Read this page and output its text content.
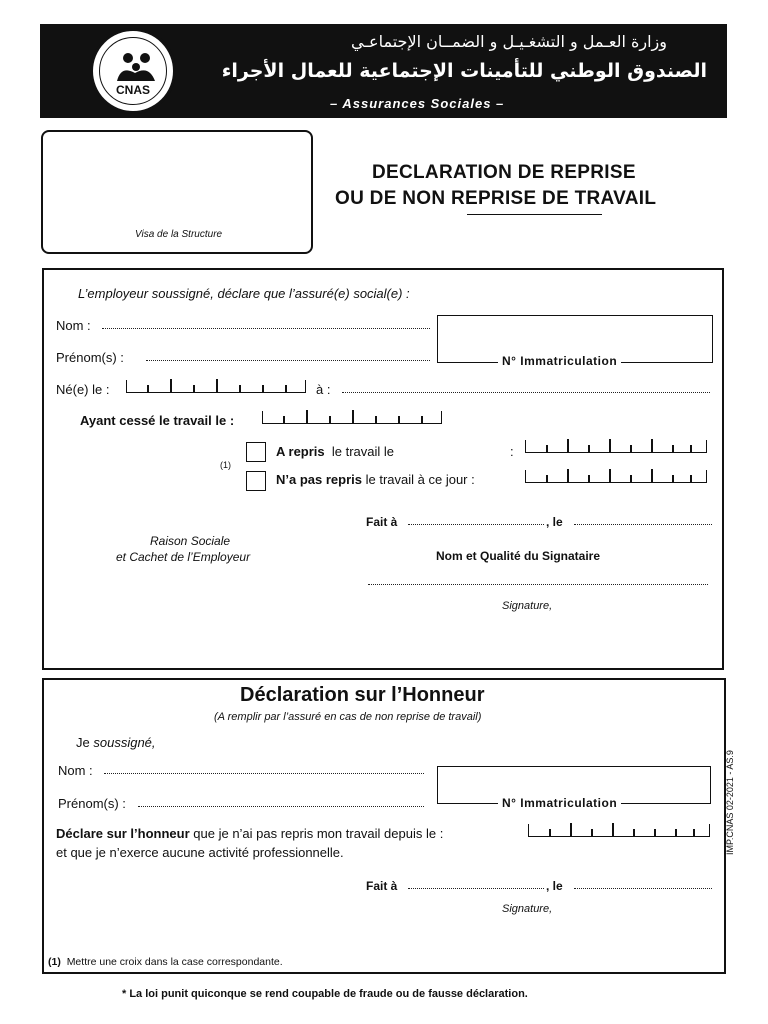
CNAS
وزارة العـمل و التشغـيـل و الضمــان الإجتماعـي
الصندوق الوطني للتأمينات الإجتماعية للعمال الأجراء
– Assurances Sociales –
Visa de la Structure
DECLARATION DE REPRISE
OU DE NON REPRISE DE TRAVAIL
L’employeur soussigné, déclare que l’assuré(e) social(e) :
Nom :
Prénom(s) :	N° Immatriculation
Né(e) le :	à :
Ayant cessé le travail le :
A repris le travail le	:
(1)
N’a pas repris le travail à ce jour :
Fait à	, le
Raison Sociale
et Cachet de l’Employeur	Nom et Qualité du Signataire
Signature,
Déclaration sur l’Honneur
(A remplir par l’assuré en cas de non reprise de travail)
Je soussigné,
Nom :
Prénom(s) :	N° Immatriculation
Déclare sur l’honneur que je n’ai pas repris mon travail depuis le :
et que je n’exerce aucune activité professionnelle.
Fait à	, le
Signature,
(1) Mettre une croix dans la case correspondante.
* La loi punit quiconque se rend coupable de fraude ou de fausse déclaration.
IMP.CNAS 02-2021 - AS.9
